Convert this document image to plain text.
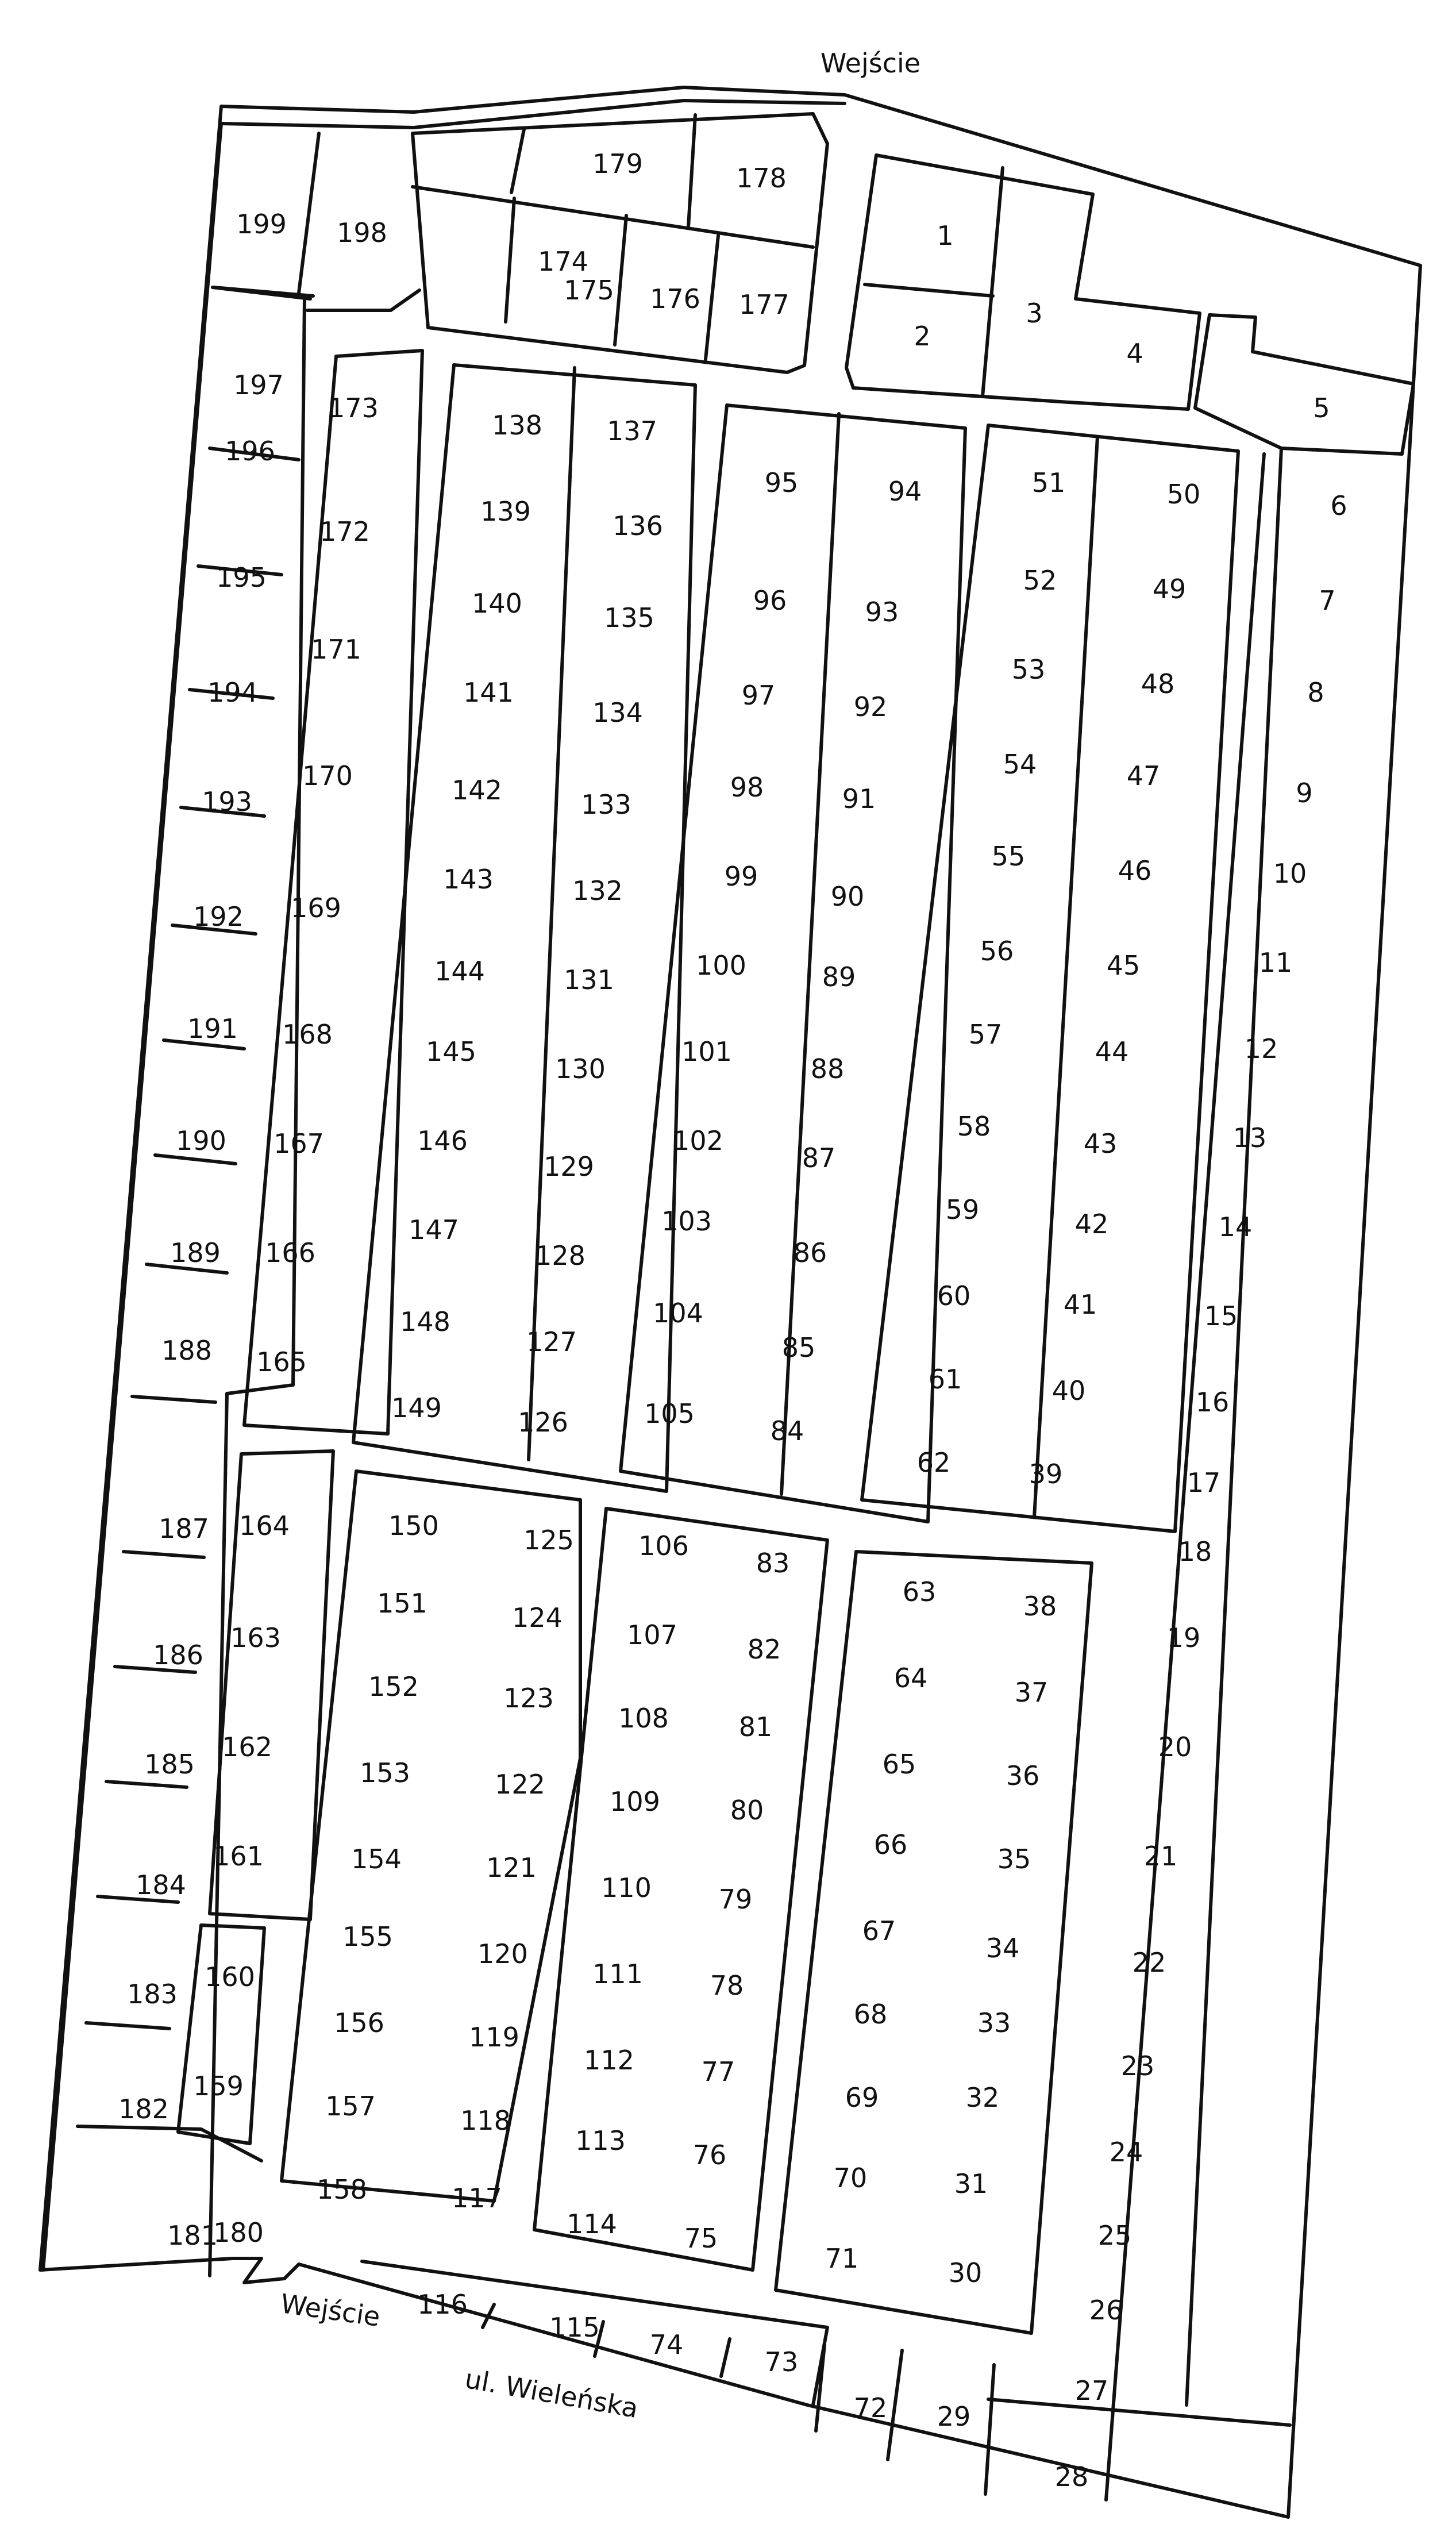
1
2
3
4
5
6
7
8
9
10
11
12
13
14
15
16
17
18
19
20
21
22
23
24
25
26
27
28
29
30
31
32
33
34
35
36
37
38
39
40
41
42
43
44
45
46
47
48
49
50
51
52
53
54
55
56
57
58
59
60
61
62
63
64
65
66
67
68
69
70
71
72
73
74
75
76
77
78
79
80
81
82
83
84
85
86
87
88
89
90
91
92
93
94
95
96
97
98
99
100
101
102
103
104
105
106
107
108
109
110
111
112
113
114
115
116
117
118
119
120
121
122
123
124
125
126
127
128
129
130
131
132
133
134
135
136
137
138
139
140
141
142
143
144
145
146
147
148
149
150
151
152
153
154
155
156
157
158
159
160
161
162
163
164
165
166
167
168
169
170
171
172
173
174
175 176 177
178
179
180
181
182
183
184
185
186
187
188
189
190
191
192
193
194
195
196
197
198
199
Wejście
Wejście
ul. Wieleńska
